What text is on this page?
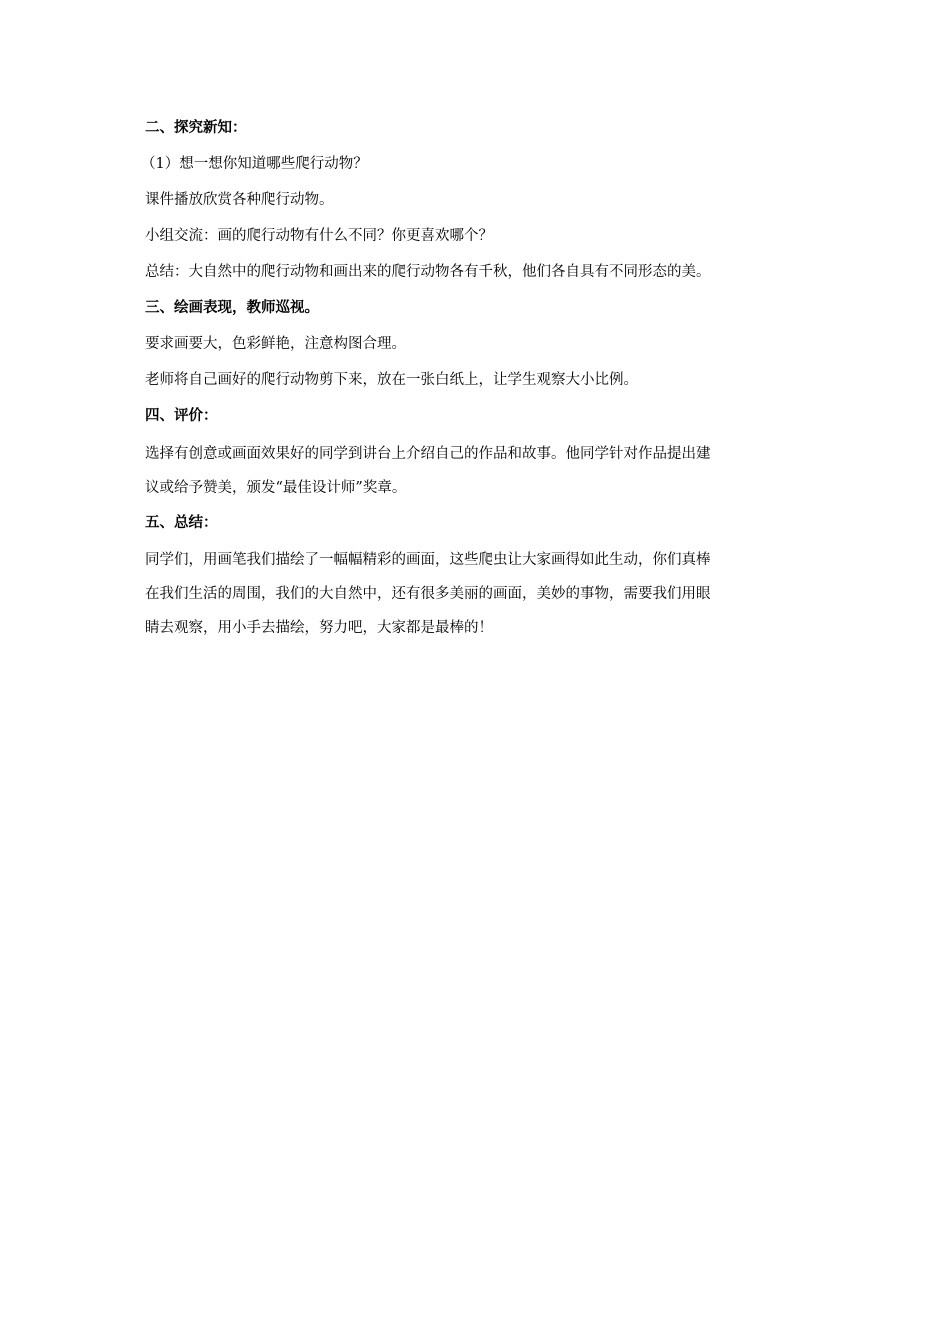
二、探究新知：
（1）想一想你知道哪些爬行动物？
课件播放欣赏各种爬行动物。
小组交流：画的爬行动物有什么不同？你更喜欢哪个？
总结：大自然中的爬行动物和画出来的爬行动物各有千秋，他们各自具有不同形态的美。
三、绘画表现，教师巡视。
要求画要大，色彩鲜艳，注意构图合理。
老师将自己画好的爬行动物剪下来，放在一张白纸上，让学生观察大小比例。
四、评价：
选择有创意或画面效果好的同学到讲台上介绍自己的作品和故事。他同学针对作品提出建
议或给予赞美，颁发“最佳设计师”奖章。
五、总结：
同学们，用画笔我们描绘了一幅幅精彩的画面，这些爬虫让大家画得如此生动，你们真棒
在我们生活的周围，我们的大自然中，还有很多美丽的画面，美妙的事物，需要我们用眼
睛去观察，用小手去描绘，努力吧，大家都是最棒的！
